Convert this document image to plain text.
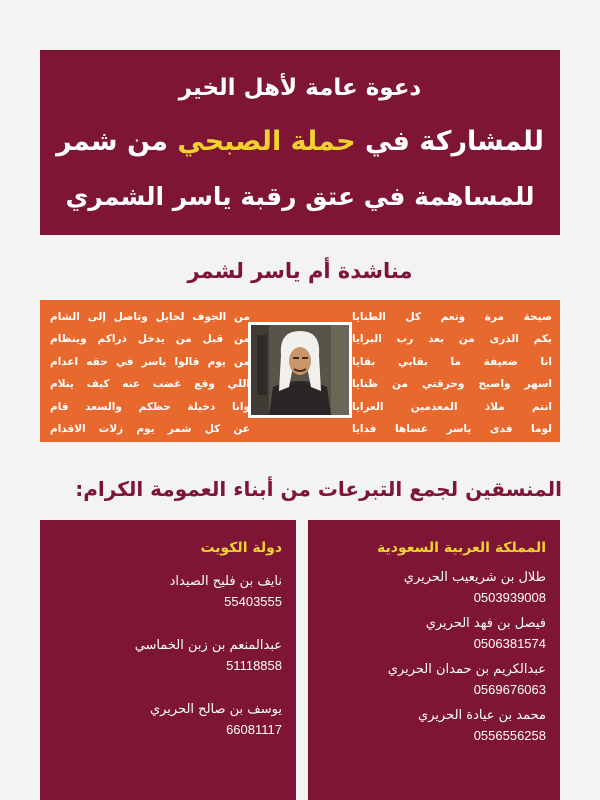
دعوة عامة لأهل الخير
للمشاركة في حملة الصبحي من شمر
للمساهمة في عتق رقبة ياسر الشمري
مناشدة أم ياسر لشمر
صيحة مرة وتعم كل الطنايا
بكم الذرى من بعد رب البرايا
انا ضعيفة ما بقابي بقايا
اسهر واصيح وحرقتي من ظنايا
انتم ملاذ المعدمين العرايا
لوما فدى ياسر عساها فدايا
من الجوف لحايل وتاصل إلى الشام
من قبل من يدخل ذراكم وينظام
من يوم قالوا ياسر في حقه اعدام
اللي وقع غضب عنه كيف ينلام
وانا دخيلة حظكم والسعد قام
عن كل شمر يوم زلات الاقدام
المنسقين لجمع التبرعات من أبناء العمومة الكرام:
المملكة العربية السعودية
طلال بن شريعيب الحريري
0503939008
فيصل بن فهد الحريري
0506381574
عبدالكريم بن حمدان الحريري
0569676063
محمد بن عيادة الحريري
0556556258
دولة الكويت
نايف بن فليح الصيداد
55403555
عبدالمنعم بن زبن الخماسي
51118858
يوسف بن صالح الحريري
66081117
